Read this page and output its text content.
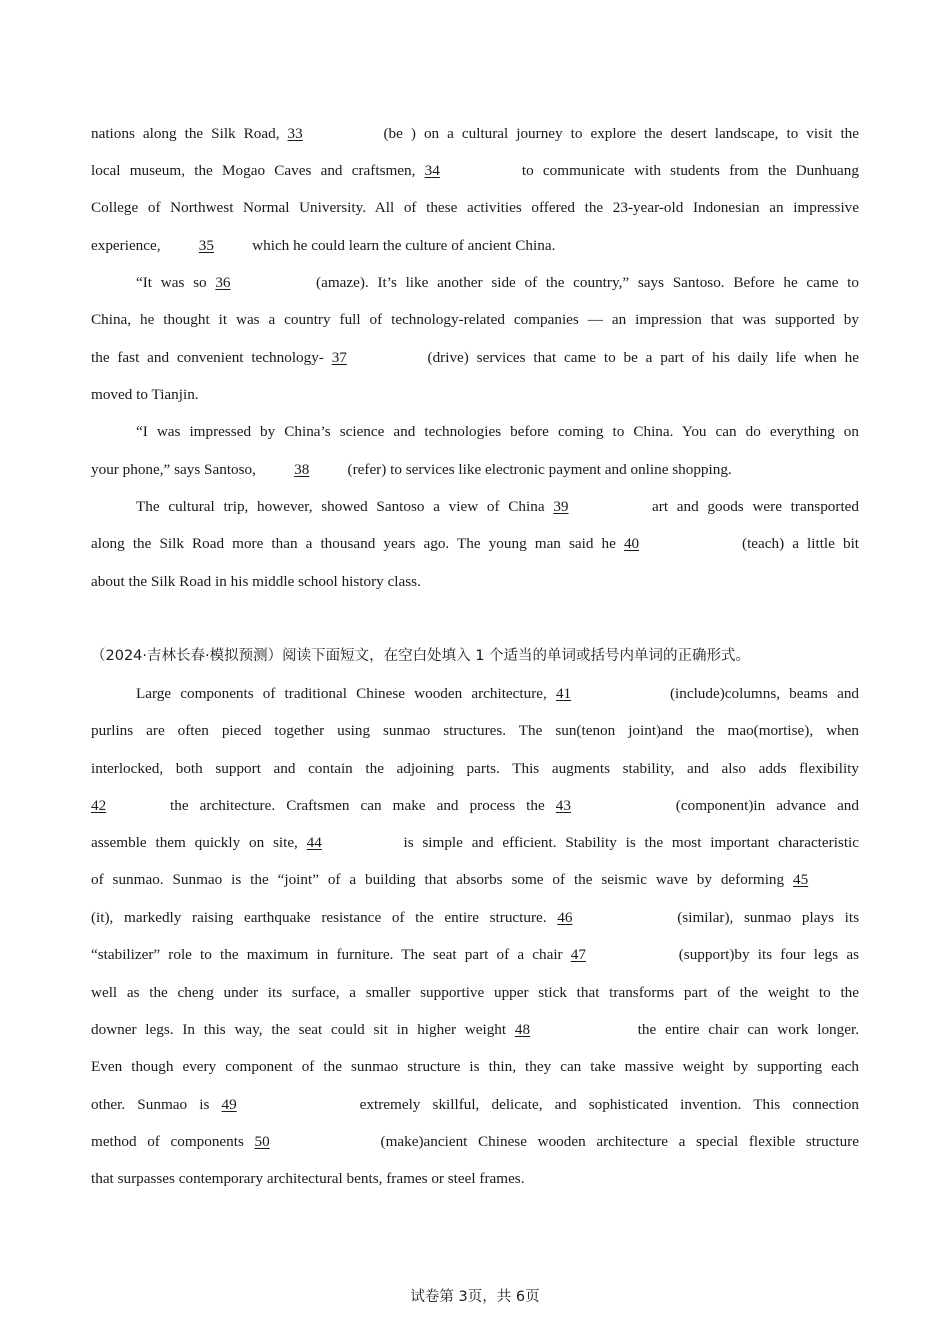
nations along the Silk Road, 33	(be ) on a cultural journey to explore the desert landscape, to visit the
local museum, the Mogao Caves and craftsmen, 34	to communicate with students from the Dunhuang
College of Northwest Normal University. All of these activities offered the 23-year-old Indonesian an impressive
experience, 35 which he could learn the culture of ancient China.
“It was so 36	(amaze). It’s like another side of the country,” says Santoso. Before he came to
China, he thought it was a country full of technology-related companies — an impression that was supported by
the fast and convenient technology- 37	(drive) services that came to be a part of his daily life when he
moved to Tianjin.
“I was impressed by China’s science and technologies before coming to China. You can do everything on
your phone,” says Santoso, 38 (refer) to services like electronic payment and online shopping.
The cultural trip, however, showed Santoso a view of China 39	art and goods were transported
along the Silk Road more than a thousand years ago. The young man said he 40	(teach) a little bit
about the Silk Road in his middle school history class.
（2024·吉林长春·模拟预测）阅读下面短文，在空白处填入 1 个适当的单词或括号内单词的正确形式。
Large components of traditional Chinese wooden architecture, 41	(include)columns, beams and
purlins are often pieced together using sunmao structures. The sun(tenon joint)and the mao(mortise), when
interlocked, both support and contain the adjoining parts. This augments stability, and also adds flexibility
42	the architecture. Craftsmen can make and process the 43	(component)in advance and
assemble them quickly on site, 44	is simple and efficient. Stability is the most important characteristic
of sunmao. Sunmao is the “joint” of a building that absorbs some of the seismic wave by deforming 45
(it), markedly raising earthquake resistance of the entire structure. 46	(similar), sunmao plays its
“stabilizer” role to the maximum in furniture. The seat part of a chair 47	(support)by its four legs as
well as the cheng under its surface, a smaller supportive upper stick that transforms part of the weight to the
downer legs. In this way, the seat could sit in higher weight 48	the entire chair can work longer.
Even though every component of the sunmao structure is thin, they can take massive weight by supporting each
other. Sunmao is 49	extremely skillful, delicate, and sophisticated invention. This connection
method of components 50	(make)ancient Chinese wooden architecture a special flexible structure
that surpasses contemporary architectural bents, frames or steel frames.
试卷第 3页，共 6页
